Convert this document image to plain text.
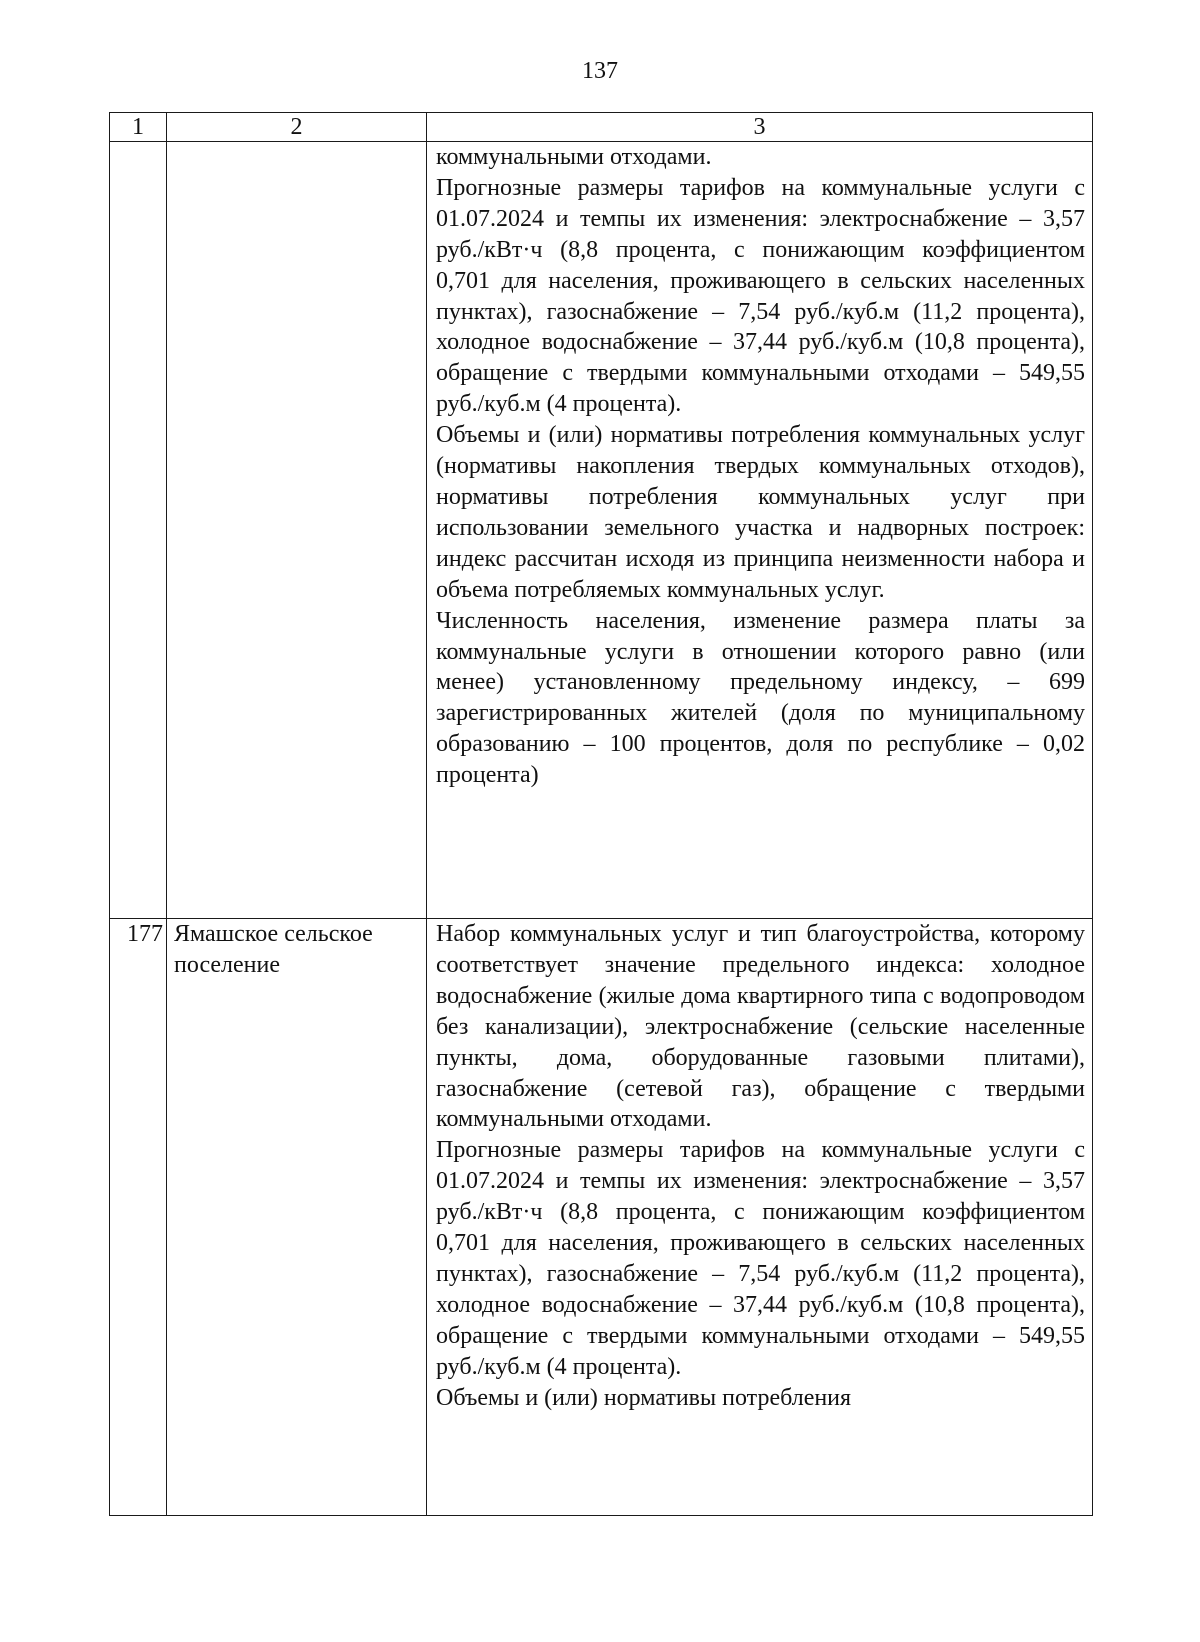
137
1	2	3

		коммунальными отходами.

Прогнозные размеры тарифов на коммунальные услуги с 01.07.2024 и темпы их изменения: электроснабжение – 3,57 руб./кВт·ч (8,8 процента, с понижающим коэффициентом 0,701 для населения, проживающего в сельских населенных пунктах), газоснабжение – 7,54 руб./куб.м (11,2 процента), холодное водоснабжение – 37,44 руб./куб.м (10,8 процента), обращение с твердыми коммунальными отходами – 549,55 руб./куб.м (4 процента).

Объемы и (или) нормативы потребления коммунальных услуг (нормативы накопления твердых коммунальных отходов), нормативы потребления коммунальных услуг при использовании земельного участка и надворных построек: индекс рассчитан исходя из принципа неизменности набора и объема потребляемых коммунальных услуг.

Численность населения, изменение размера платы за коммунальные услуги в отношении которого равно (или менее) установленному предельному индексу, – 699 зарегистрированных жителей (доля по муниципальному образованию – 100 процентов, доля по республике – 0,02 процента)

177	Ямашское сельское поселение	Набор коммунальных услуг и тип благоустройства, которому соответствует значение предельного индекса: холодное водоснабжение (жилые дома квартирного типа с водопроводом без канализации), электроснабжение (сельские населенные пункты, дома, оборудованные газовыми плитами), газоснабжение (сетевой газ), обращение с твердыми коммунальными отходами.

Прогнозные размеры тарифов на коммунальные услуги с 01.07.2024 и темпы их изменения: электроснабжение – 3,57 руб./кВт·ч (8,8 процента, с понижающим коэффициентом 0,701 для населения, проживающего в сельских населенных пунктах), газоснабжение – 7,54 руб./куб.м (11,2 процента), холодное водоснабжение – 37,44 руб./куб.м (10,8 процента), обращение с твердыми коммунальными отходами – 549,55 руб./куб.м (4 процента).

Объемы и (или) нормативы потребления
